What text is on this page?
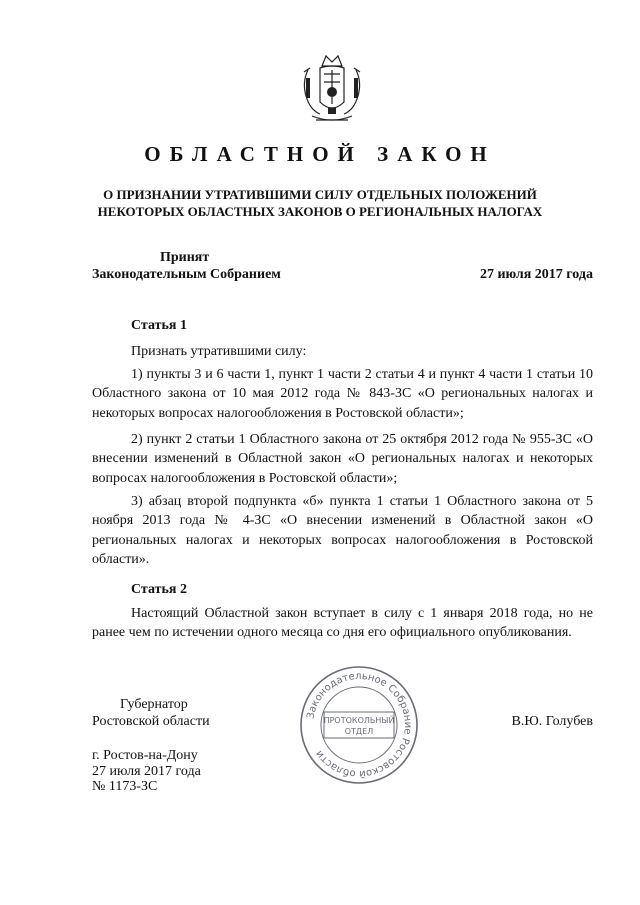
ОБЛАСТНОЙ ЗАКОН
О ПРИЗНАНИИ УТРАТИВШИМИ СИЛУ ОТДЕЛЬНЫХ ПОЛОЖЕНИЙ
НЕКОТОРЫХ ОБЛАСТНЫХ ЗАКОНОВ О РЕГИОНАЛЬНЫХ НАЛОГАХ
Принят
Законодательным Собранием	27 июля 2017 года
Статья 1

Признать утратившими силу:

1) пункты 3 и 6 части 1, пункт 1 части 2 статьи 4 и пункт 4 части 1 статьи 10 Областного закона от 10 мая 2012 года № 843-ЗС «О региональных налогах и некоторых вопросах налогообложения в Ростовской области»;

2) пункт 2 статьи 1 Областного закона от 25 октября 2012 года № 955-ЗС «О внесении изменений в Областной закон «О региональных налогах и некоторых вопросах налогообложения в Ростовской области»;

3) абзац второй подпункта «б» пункта 1 статьи 1 Областного закона от 5 ноября 2013 года № 4-ЗС «О внесении изменений в Областной закон «О региональных налогах и некоторых вопросах налогообложения в Ростовской области».

Статья 2

Настоящий Областной закон вступает в силу с 1 января 2018 года, но не ранее чем по истечении одного месяца со дня его официального опубликования.

Губернатор
Ростовской области	В.Ю. Голубев
г. Ростов-на-Дону
27 июля 2017 года
№ 1173-ЗС
Законодательное Собрание Ростовской области
ПРОТОКОЛЬНЫЙ
ОТДЕЛ
